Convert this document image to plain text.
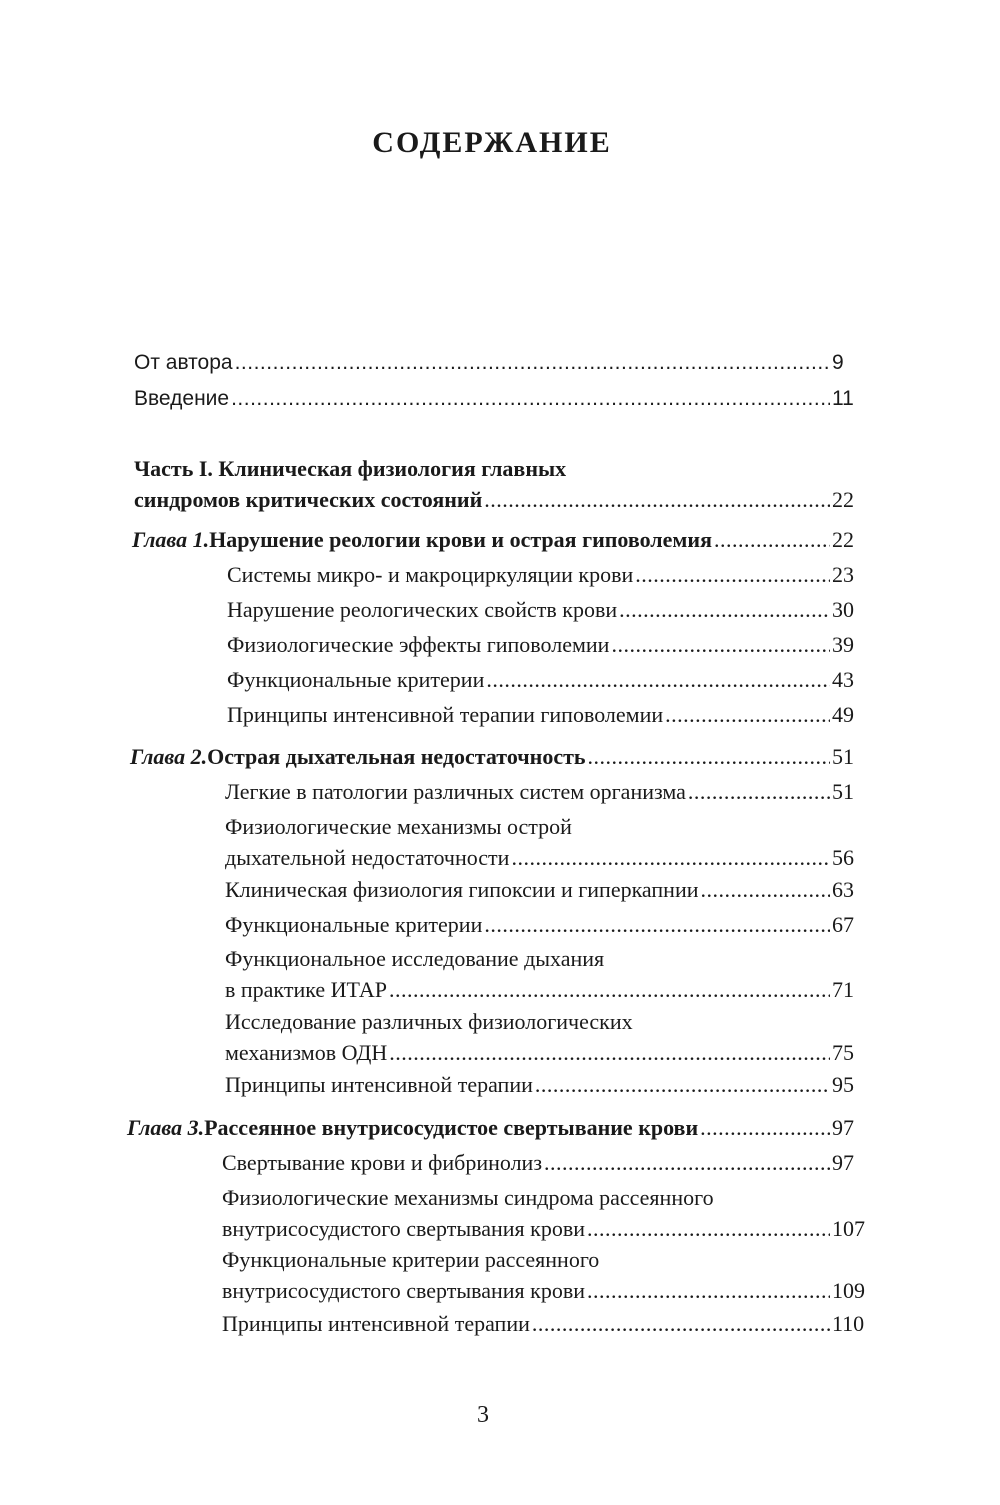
СОДЕРЖАНИЕ
От автора .....	9
Введение .....	11
Часть I. Клиническая физиология главных
синдромов критических состояний .....	22
Глава 1. Нарушение реологии крови и острая гиповолемия .....	22
Системы микро- и макроциркуляции крови .....	23
Нарушение реологических свойств крови .....	30
Физиологические эффекты гиповолемии .....	39
Функциональные критерии .....	43
Принципы интенсивной терапии гиповолемии .....	49
Глава 2. Острая дыхательная недостаточность .....	51
Легкие в патологии различных систем организма .....	51
Физиологические механизмы острой
дыхательной недостаточности .....	56
Клиническая физиология гипоксии и гиперкапнии .....	63
Функциональные критерии .....	67
Функциональное исследование дыхания
в практике ИТАР .....	71
Исследование различных физиологических
механизмов ОДН .....	75
Принципы интенсивной терапии .....	95
Глава 3. Рассеянное внутрисосудистое свертывание крови .....	97
Свертывание крови и фибринолиз .....	97
Физиологические механизмы синдрома рассеянного
внутрисосудистого свертывания крови .....	107
Функциональные критерии рассеянного
внутрисосудистого свертывания крови .....	109
Принципы интенсивной терапии .....	110
3
